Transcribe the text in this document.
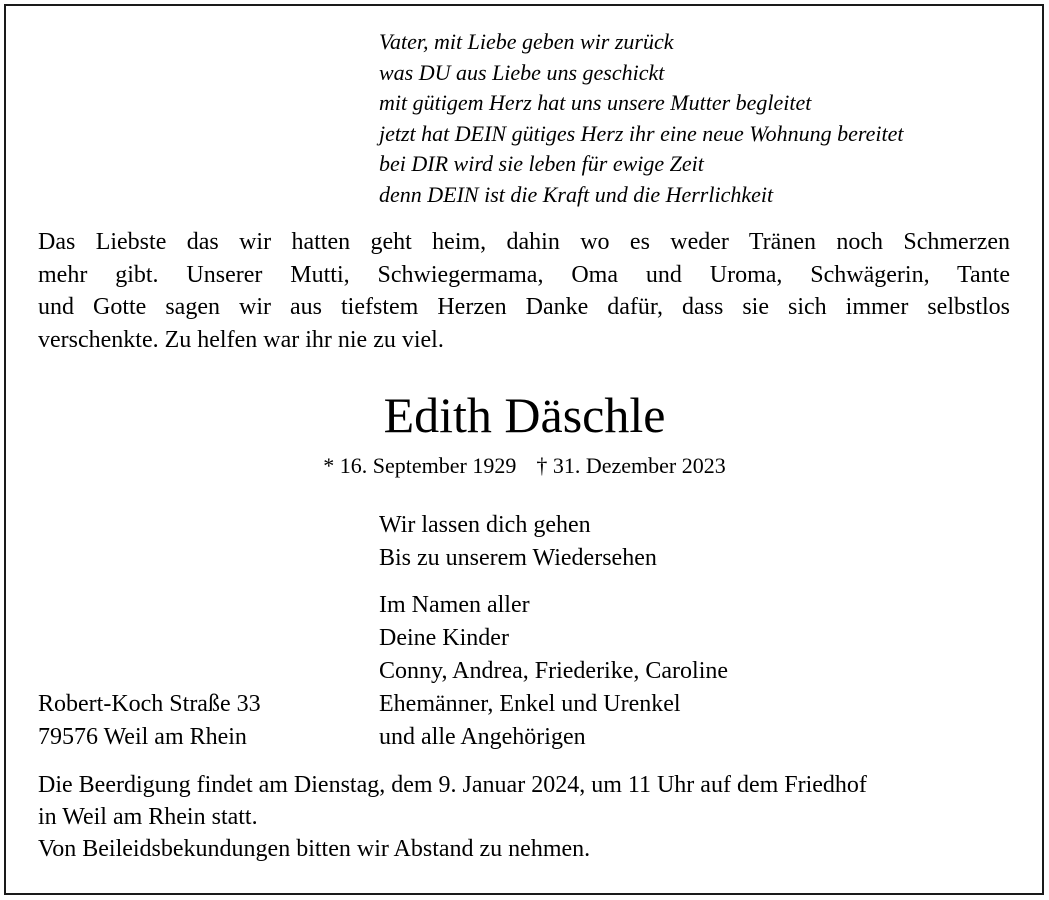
Vater, mit Liebe geben wir zurück
was DU aus Liebe uns geschickt
mit gütigem Herz hat uns unsere Mutter begleitet
jetzt hat DEIN gütiges Herz ihr eine neue Wohnung bereitet
bei DIR wird sie leben für ewige Zeit
denn DEIN ist die Kraft und die Herrlichkeit
Das Liebste das wir hatten geht heim, dahin wo es weder Tränen noch Schmerzen
mehr gibt. Unserer Mutti, Schwiegermama, Oma und Uroma, Schwägerin, Tante
und Gotte sagen wir aus tiefstem Herzen Danke dafür, dass sie sich immer selbstlos
verschenkte. Zu helfen war ihr nie zu viel.
Edith Däschle
* 16. September 1929 † 31. Dezember 2023
Wir lassen dich gehen
Bis zu unserem Wiedersehen
Im Namen aller
Deine Kinder
Conny, Andrea, Friederike, Caroline
Ehemänner, Enkel und Urenkel
und alle Angehörigen
Robert-Koch Straße 33
79576 Weil am Rhein
Die Beerdigung findet am Dienstag, dem 9. Januar 2024, um 11 Uhr auf dem Friedhof
in Weil am Rhein statt.
Von Beileidsbekundungen bitten wir Abstand zu nehmen.
